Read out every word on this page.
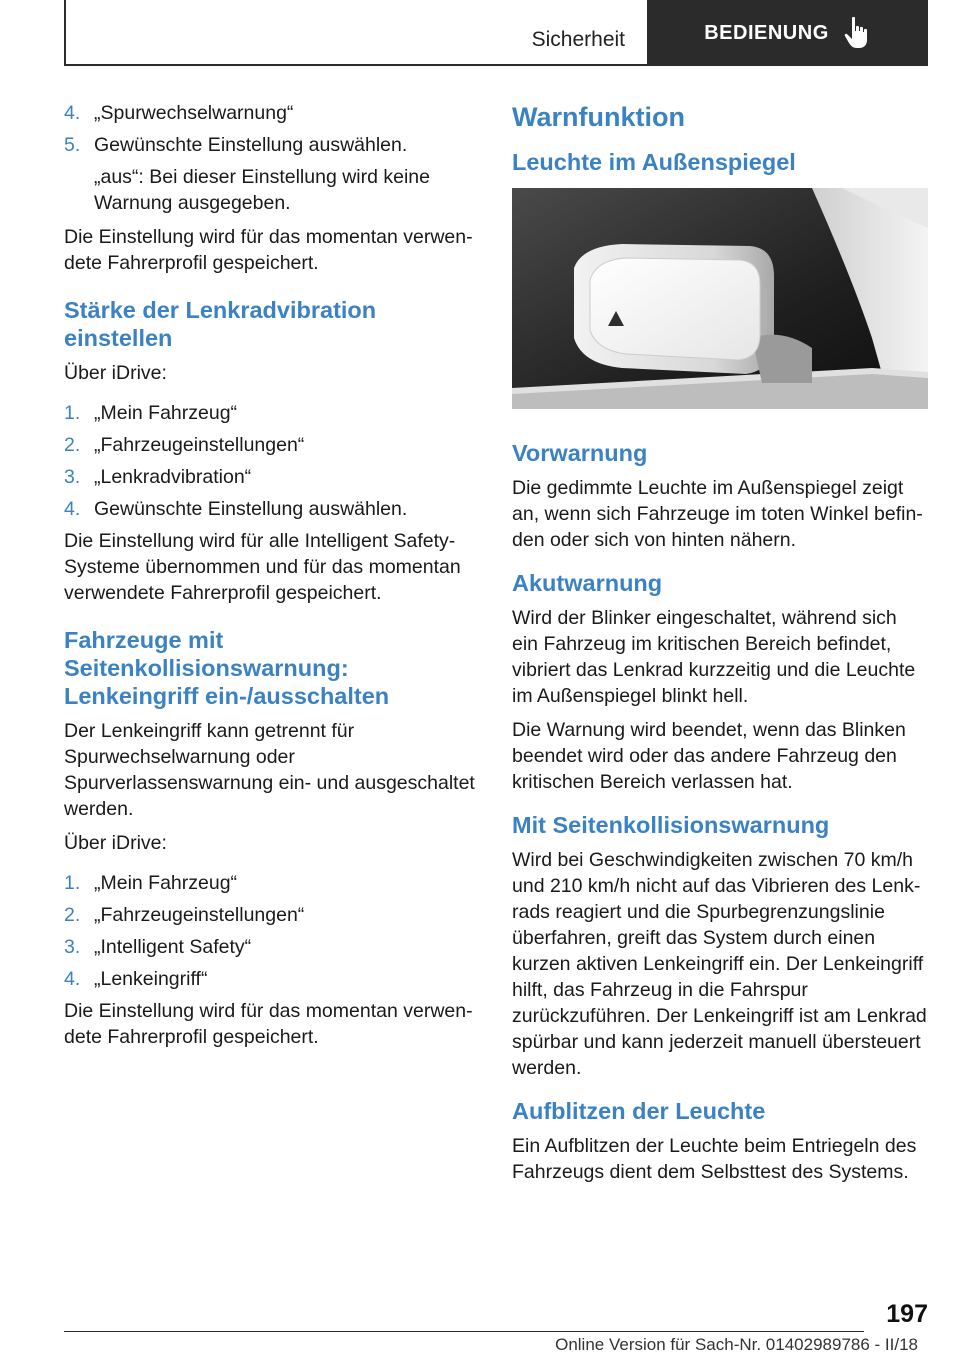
Sicherheit	BEDIENUNG
4. „Spurwechselwarnung“
5. Gewünschte Einstellung auswählen.

„aus“: Bei dieser Einstellung wird keine Warnung ausgegeben.

Die Einstellung wird für das momentan verwendete Fahrerprofil gespeichert.

Stärke der Lenkradvibration einstellen

Über iDrive:

1. „Mein Fahrzeug“
2. „Fahrzeugeinstellungen“
3. „Lenkradvibration“
4. Gewünschte Einstellung auswählen.

Die Einstellung wird für alle Intelligent Safety-Systeme übernommen und für das momentan verwendete Fahrerprofil gespeichert.

Fahrzeuge mit Seitenkollisionswarnung: Lenkeingriff ein-/ausschalten

Der Lenkeingriff kann getrennt für Spurwechselwarnung oder Spurverlassenswarnung ein- und ausgeschaltet werden.

Über iDrive:

1. „Mein Fahrzeug“
2. „Fahrzeugeinstellungen“
3. „Intelligent Safety“
4. „Lenkeingriff“

Die Einstellung wird für das momentan verwendete Fahrerprofil gespeichert.

Warnfunktion
Leuchte im Außenspiegel
Vorwarnung

Die gedimmte Leuchte im Außenspiegel zeigt an, wenn sich Fahrzeuge im toten Winkel befinden oder sich von hinten nähern.

Akutwarnung

Wird der Blinker eingeschaltet, während sich ein Fahrzeug im kritischen Bereich befindet, vibriert das Lenkrad kurzzeitig und die Leuchte im Außenspiegel blinkt hell.

Die Warnung wird beendet, wenn das Blinken beendet wird oder das andere Fahrzeug den kritischen Bereich verlassen hat.

Mit Seitenkollisionswarnung

Wird bei Geschwindigkeiten zwischen 70 km/h und 210 km/h nicht auf das Vibrieren des Lenkrads reagiert und die Spurbegrenzungslinie überfahren, greift das System durch einen kurzen aktiven Lenkeingriff ein. Der Lenkeingriff hilft, das Fahrzeug in die Fahrspur zurückzuführen. Der Lenkeingriff ist am Lenkrad spürbar und kann jederzeit manuell übersteuert werden.

Aufblitzen der Leuchte

Ein Aufblitzen der Leuchte beim Entriegeln des Fahrzeugs dient dem Selbsttest des Systems.

197
Online Version für Sach-Nr. 01402989786 - II/18
